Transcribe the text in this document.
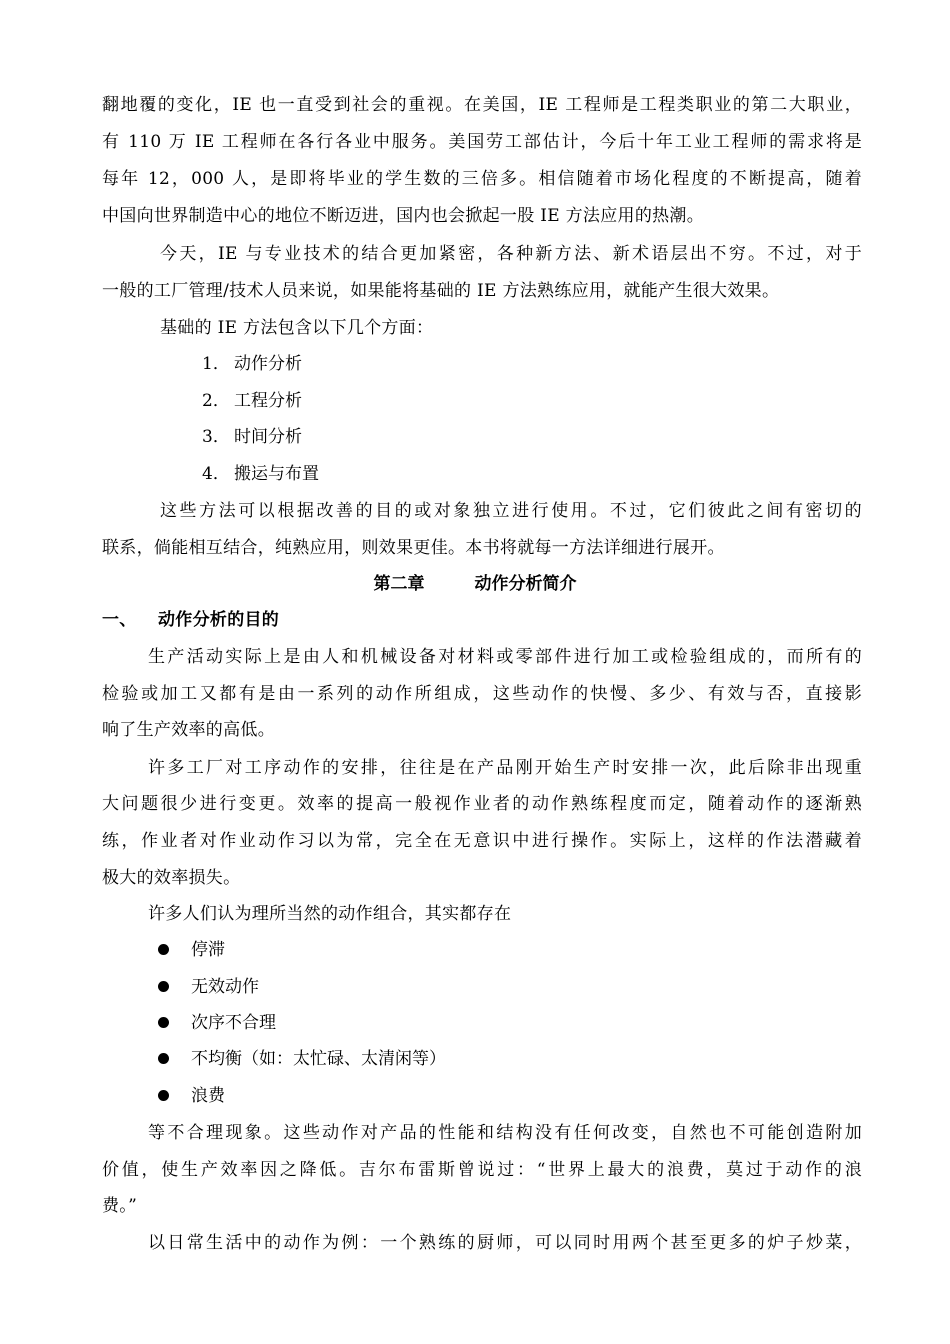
翻地覆的变化，IE 也一直受到社会的重视。在美国，IE 工程师是工程类职业的第二大职业，
有 110 万 IE 工程师在各行各业中服务。美国劳工部估计，今后十年工业工程师的需求将是
每年 12，000 人，是即将毕业的学生数的三倍多。相信随着市场化程度的不断提高，随着
中国向世界制造中心的地位不断迈进，国内也会掀起一股 IE 方法应用的热潮。
今天，IE 与专业技术的结合更加紧密，各种新方法、新术语层出不穷。不过，对于
一般的工厂管理/技术人员来说，如果能将基础的 IE 方法熟练应用，就能产生很大效果。
基础的 IE 方法包含以下几个方面：
1． 动作分析
2． 工程分析
3． 时间分析
4． 搬运与布置
这些方法可以根据改善的目的或对象独立进行使用。不过，它们彼此之间有密切的
联系，倘能相互结合，纯熟应用，则效果更佳。本书将就每一方法详细进行展开。
第二章	动作分析简介
一、 动作分析的目的
生产活动实际上是由人和机械设备对材料或零部件进行加工或检验组成的，而所有的
检验或加工又都有是由一系列的动作所组成，这些动作的快慢、多少、有效与否，直接影
响了生产效率的高低。
许多工厂对工序动作的安排，往往是在产品刚开始生产时安排一次，此后除非出现重
大问题很少进行变更。效率的提高一般视作业者的动作熟练程度而定，随着动作的逐渐熟
练，作业者对作业动作习以为常，完全在无意识中进行操作。实际上，这样的作法潜藏着
极大的效率损失。
许多人们认为理所当然的动作组合，其实都存在
停滞
无效动作
次序不合理
不均衡（如：太忙碌、太清闲等）
浪费
等不合理现象。这些动作对产品的性能和结构没有任何改变，自然也不可能创造附加
价值，使生产效率因之降低。吉尔布雷斯曾说过：“世界上最大的浪费，莫过于动作的浪
费。”
以日常生活中的动作为例：一个熟练的厨师，可以同时用两个甚至更多的炉子炒菜，
